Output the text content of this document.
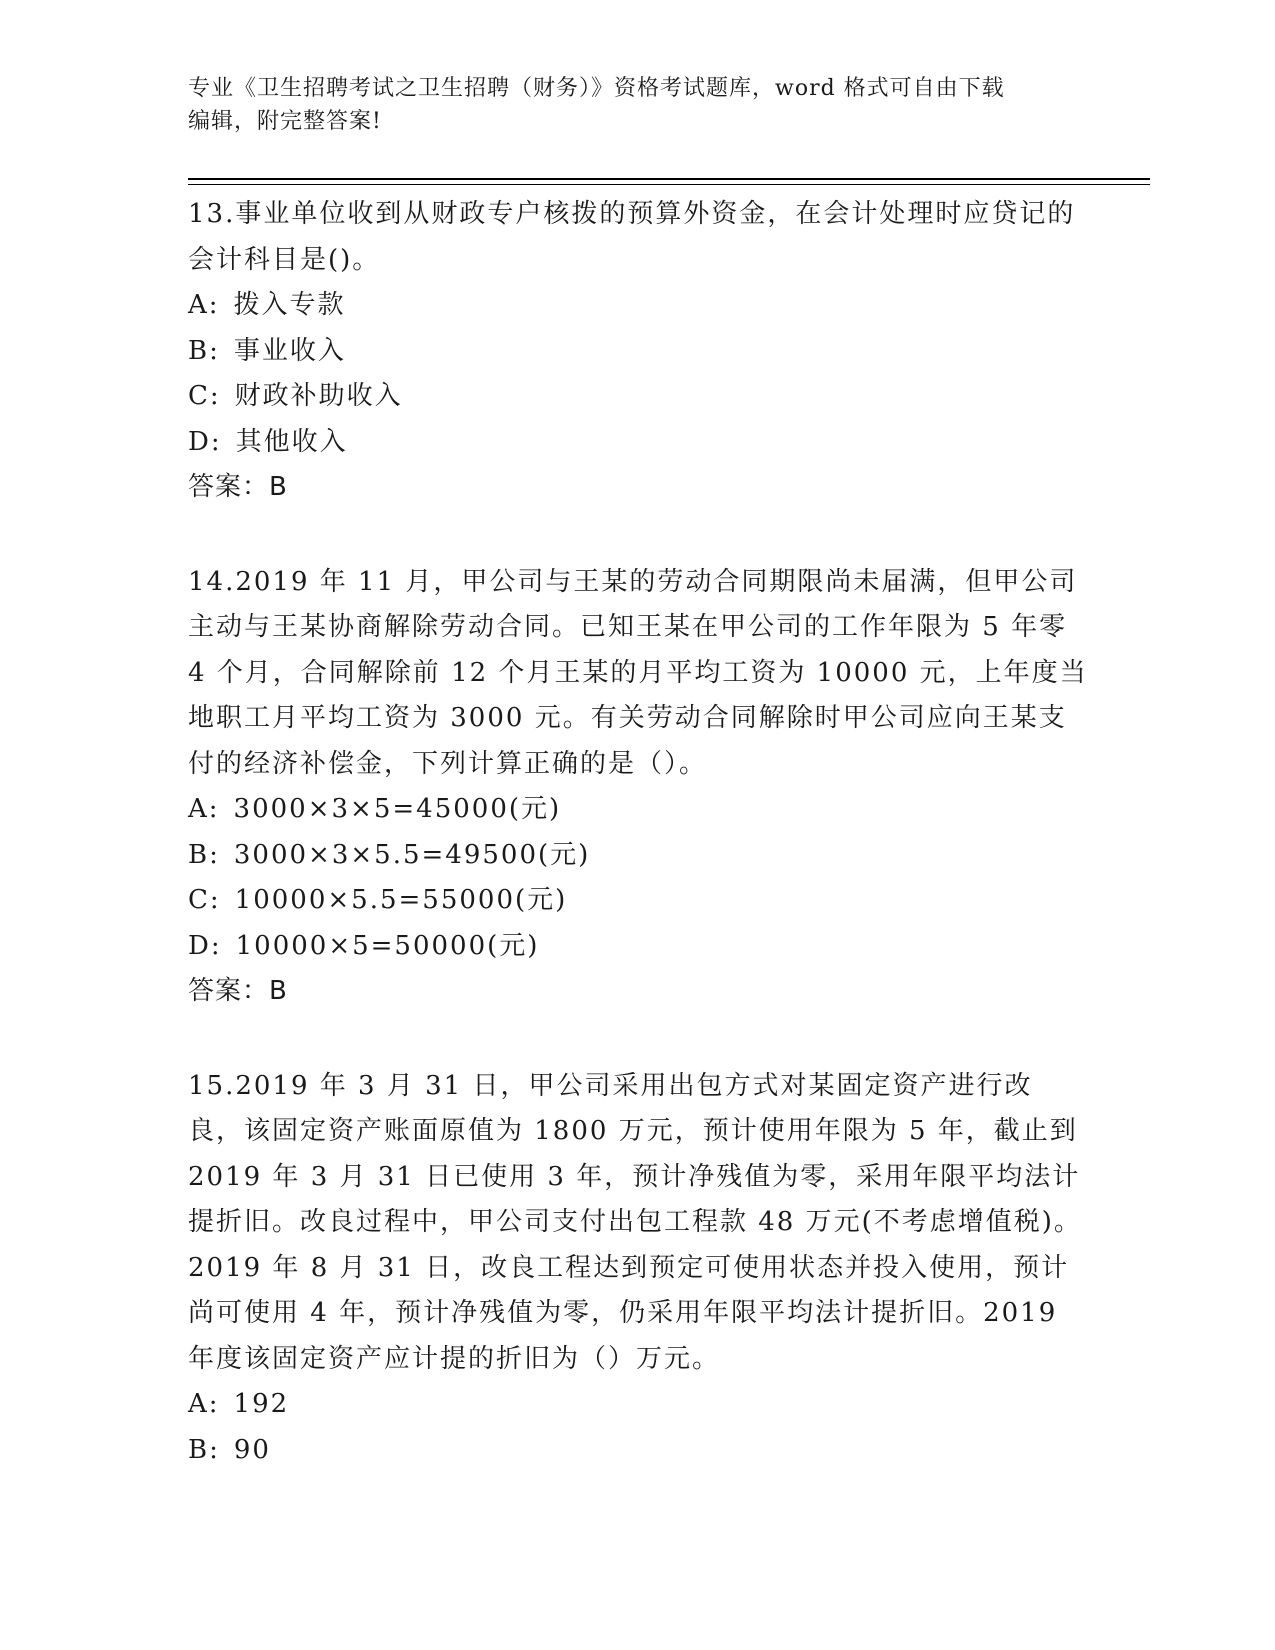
专业《卫生招聘考试之卫生招聘（财务）》资格考试题库，word 格式可自由下载
编辑，附完整答案!

13.事业单位收到从财政专户核拨的预算外资金，在会计处理时应贷记的会计科目是()。

A: 拨入专款

B: 事业收入

C: 财政补助收入

D: 其他收入

答案：B

14.2019 年 11 月，甲公司与王某的劳动合同期限尚未届满，但甲公司主动与王某协商解除劳动合同。已知王某在甲公司的工作年限为 5 年零 4 个月，合同解除前 12 个月王某的月平均工资为 10000 元，上年度当地职工月平均工资为 3000 元。有关劳动合同解除时甲公司应向王某支付的经济补偿金，下列计算正确的是（）。

A: 3000×3×5=45000(元)

B: 3000×3×5.5=49500(元)

C: 10000×5.5=55000(元)

D: 10000×5=50000(元)

答案：B

15.2019 年 3 月 31 日，甲公司采用出包方式对某固定资产进行改良，该固定资产账面原值为 1800 万元，预计使用年限为 5 年，截止到 2019 年 3 月 31 日已使用 3 年，预计净残值为零，采用年限平均法计提折旧。改良过程中，甲公司支付出包工程款 48 万元(不考虑增值税)。2019 年 8 月 31 日，改良工程达到预定可使用状态并投入使用，预计尚可使用 4 年，预计净残值为零，仍采用年限平均法计提折旧。2019 年度该固定资产应计提的折旧为（）万元。

A: 192

B: 90
